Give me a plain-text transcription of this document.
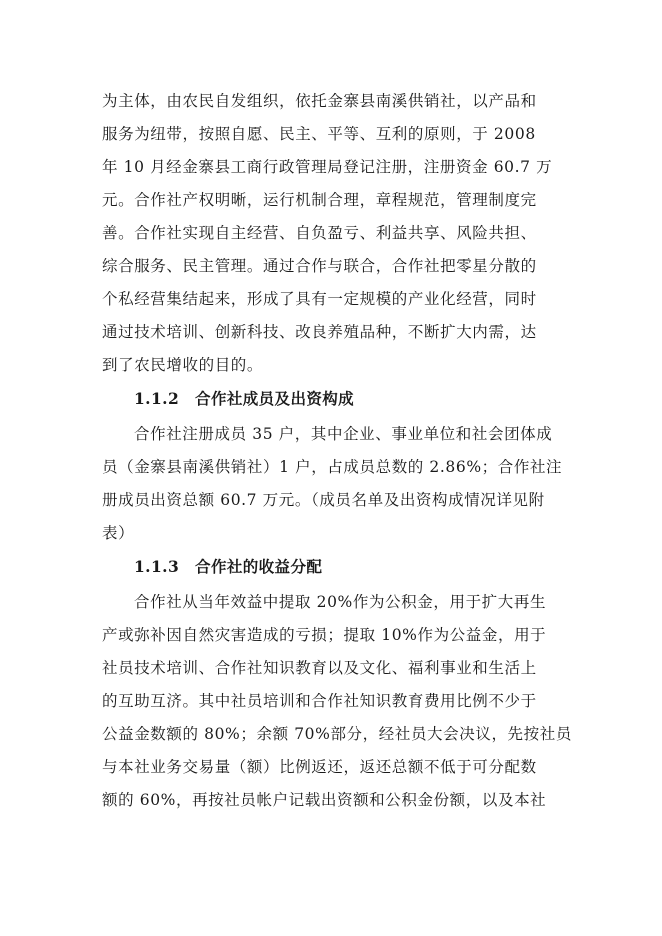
为主体，由农民自发组织，依托金寨县南溪供销社，以产品和
服务为纽带，按照自愿、民主、平等、互利的原则，于 2008
年 10 月经金寨县工商行政管理局登记注册，注册资金 60.7 万
元。合作社产权明晰，运行机制合理，章程规范，管理制度完
善。合作社实现自主经营、自负盈亏、利益共享、风险共担、
综合服务、民主管理。通过合作与联合，合作社把零星分散的
个私经营集结起来，形成了具有一定规模的产业化经营，同时
通过技术培训、创新科技、改良养殖品种，不断扩大内需，达
到了农民增收的目的。
1.1.2　合作社成员及出资构成
合作社注册成员 35 户，其中企业、事业单位和社会团体成
员（金寨县南溪供销社）1 户，占成员总数的 2.86%；合作社注
册成员出资总额 60.7 万元。（成员名单及出资构成情况详见附
表）
1.1.3　合作社的收益分配
合作社从当年效益中提取 20%作为公积金，用于扩大再生
产或弥补因自然灾害造成的亏损；提取 10%作为公益金，用于
社员技术培训、合作社知识教育以及文化、福利事业和生活上
的互助互济。其中社员培训和合作社知识教育费用比例不少于
公益金数额的 80%；余额 70%部分，经社员大会决议，先按社员
与本社业务交易量（额）比例返还，返还总额不低于可分配数
额的 60%，再按社员帐户记载出资额和公积金份额，以及本社
